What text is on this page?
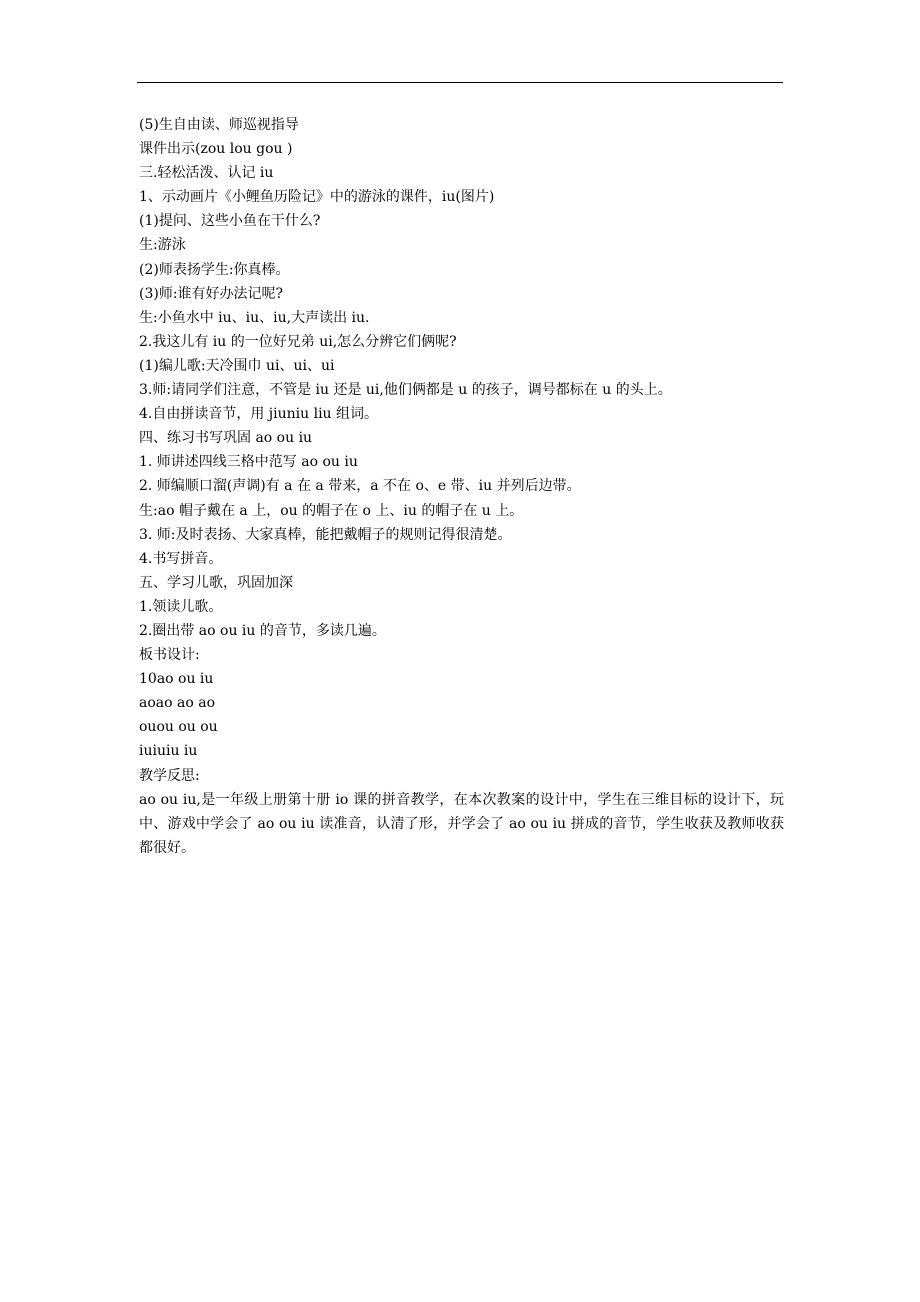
(5)生自由读、师巡视指导

课件出示(zou lou gou )

三.轻松活泼、认记 iu

1、示动画片《小鲤鱼历险记》中的游泳的课件，iu(图片)

(1)提问、这些小鱼在干什么?

生:游泳

(2)师表扬学生:你真棒。

(3)师:谁有好办法记呢?

生:小鱼水中 iu、iu、iu,大声读出 iu.

2.我这儿有 iu 的一位好兄弟 ui,怎么分辨它们俩呢?

(1)编儿歌:天冷围巾 ui、ui、ui

3.师:请同学们注意，不管是 iu 还是 ui,他们俩都是 u 的孩子，调号都标在 u 的头上。

4.自由拼读音节，用 jiuniu liu 组词。

四、练习书写巩固 ao ou iu

1. 师讲述四线三格中范写 ao ou iu

2. 师编顺口溜(声调)有 a 在 a 带来，a 不在 o、e 带、iu 并列后边带。

生:ao 帽子戴在 a 上，ou 的帽子在 o 上、iu 的帽子在 u 上。

3. 师:及时表扬、大家真棒，能把戴帽子的规则记得很清楚。

4.书写拼音。

五、学习儿歌，巩固加深

1.领读儿歌。

2.圈出带 ao ou iu 的音节，多读几遍。

板书设计:

10ao ou iu

aoao ao ao

ouou ou ou

iuiuiu iu

教学反思:

ao ou iu,是一年级上册第十册 io 课的拼音教学，在本次教案的设计中，学生在三维目标的设计下，玩中、游戏中学会了 ao ou iu 读准音，认清了形，并学会了 ao ou iu 拼成的音节，学生收获及教师收获都很好。
